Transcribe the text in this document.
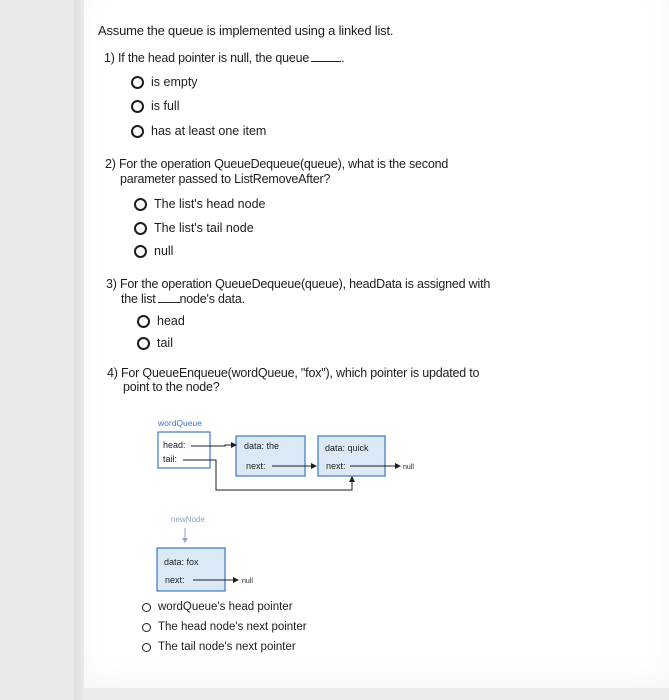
Assume the queue is implemented using a linked list.
1) If the head pointer is null, the queue	.
is empty
is full
has at least one item
2) For the operation QueueDequeue(queue), what is the second
parameter passed to ListRemoveAfter?
The list's head node
The list's tail node
null
3) For the operation QueueDequeue(queue), headData is assigned with
the list node's data.
head
tail
4) For QueueEnqueue(wordQueue, "fox"), which pointer is updated to
point to the node?
wordQueue
head:
tail:
data: the
next:
data: quick
next:	null
newNode
data: fox
next:	null
wordQueue's head pointer
The head node's next pointer
The tail node's next pointer
